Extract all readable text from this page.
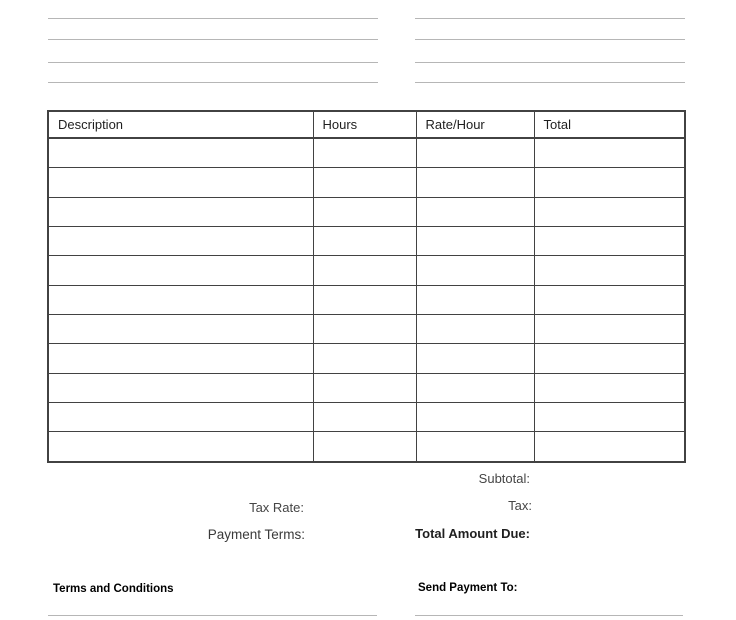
Description	Hours	Rate/Hour	Total

Subtotal:
Tax Rate:	Tax:
Payment Terms:	Total Amount Due:
Terms and Conditions	Send Payment To:
